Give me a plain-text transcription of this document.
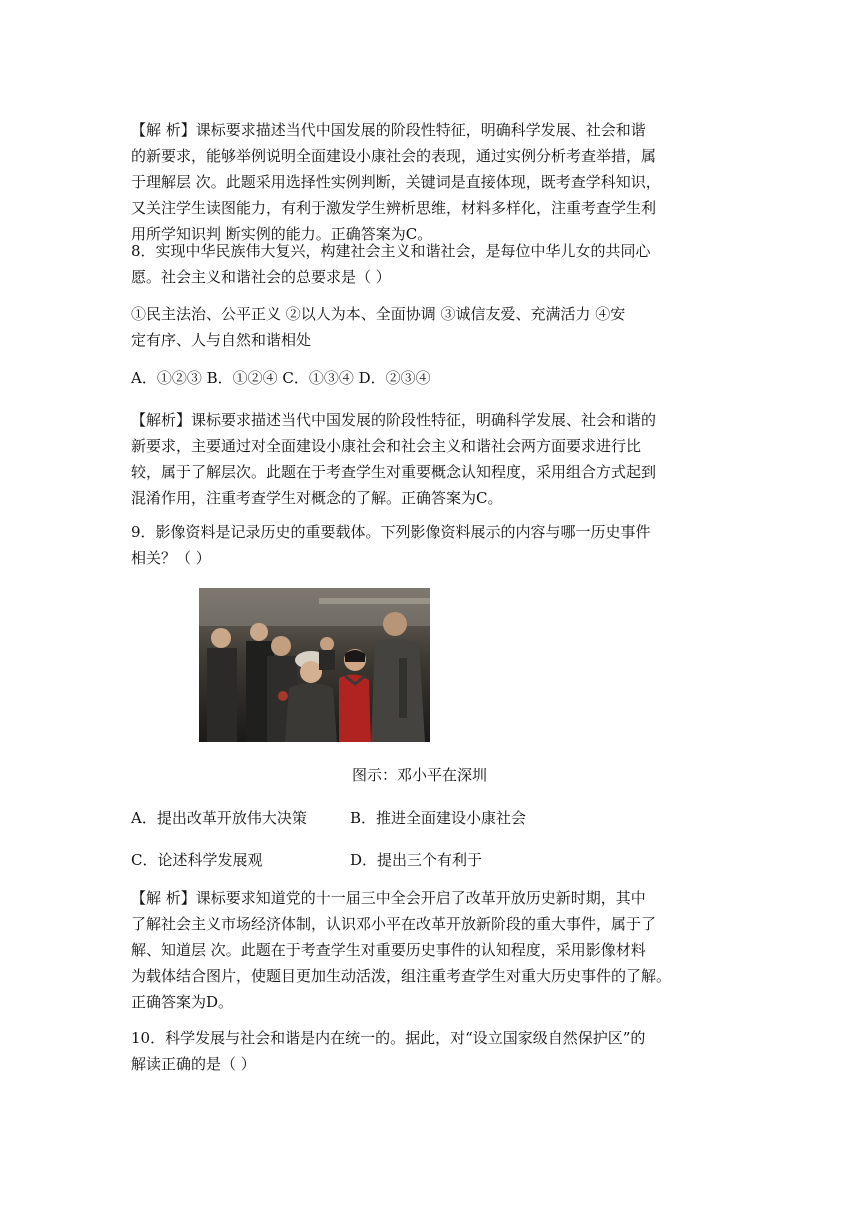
【解 析】课标要求描述当代中国发展的阶段性特征，明确科学发展、社会和谐
的新要求，能够举例说明全面建设小康社会的表现，通过实例分析考查举措，属
于理解层 次。此题采用选择性实例判断，关键词是直接体现，既考查学科知识，
又关注学生读图能力，有利于激发学生辨析思维，材料多样化，注重考查学生利
用所学知识判 断实例的能力。正确答案为C。

8．实现中华民族伟大复兴，构建社会主义和谐社会，是每位中华儿女的共同心
愿。社会主义和谐社会的总要求是（ ）

①民主法治、公平正义 ②以人为本、全面协调 ③诚信友爱、充满活力 ④安
定有序、人与自然和谐相处

A．①②③ B．①②④ C．①③④ D．②③④

【解析】课标要求描述当代中国发展的阶段性特征，明确科学发展、社会和谐的
新要求，主要通过对全面建设小康社会和社会主义和谐社会两方面要求进行比
较，属于了解层次。此题在于考查学生对重要概念认知程度，采用组合方式起到
混淆作用，注重考查学生对概念的了解。正确答案为C。

9．影像资料是记录历史的重要载体。下列影像资料展示的内容与哪一历史事件
相关？（ ）

图示：邓小平在深圳
A．提出改革开放伟大决策	B．推进全面建设小康社会
C．论述科学发展观	D．提出三个有利于

【解 析】课标要求知道党的十一届三中全会开启了改革开放历史新时期，其中
了解社会主义市场经济体制，认识邓小平在改革开放新阶段的重大事件，属于了
解、知道层 次。此题在于考查学生对重要历史事件的认知程度，采用影像材料
为载体结合图片，使题目更加生动活泼，组注重考查学生对重大历史事件的了解。
正确答案为D。

10．科学发展与社会和谐是内在统一的。据此，对“设立国家级自然保护区”的
解读正确的是（ ）
